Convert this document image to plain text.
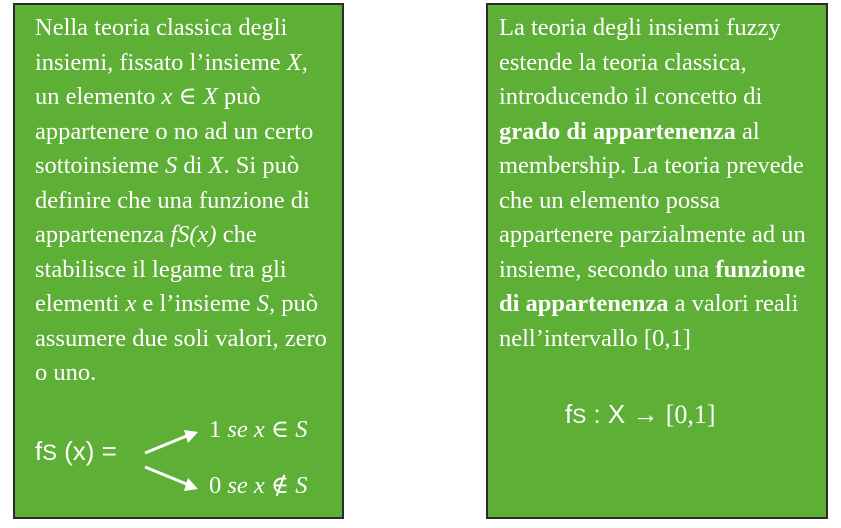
Nella teoria classica degli insiemi, fissato l’insieme X, un elemento x ∈ X può appartenere o no ad un certo sottoinsieme S di X. Si può definire che una funzione di appartenenza fS(x) che stabilisce il legame tra gli elementi x e l’insieme S, può assumere due soli valori, zero o uno.

fS (x) =
1 se x ∈ S
0 se x ∉ S

La teoria degli insiemi fuzzy estende la teoria classica, introducendo il concetto di grado di appartenenza al membership. La teoria prevede che un elemento possa appartenere parzialmente ad un insieme, secondo una funzione di appartenenza a valori reali nell’intervallo [0,1]

fS : X → [0,1]
